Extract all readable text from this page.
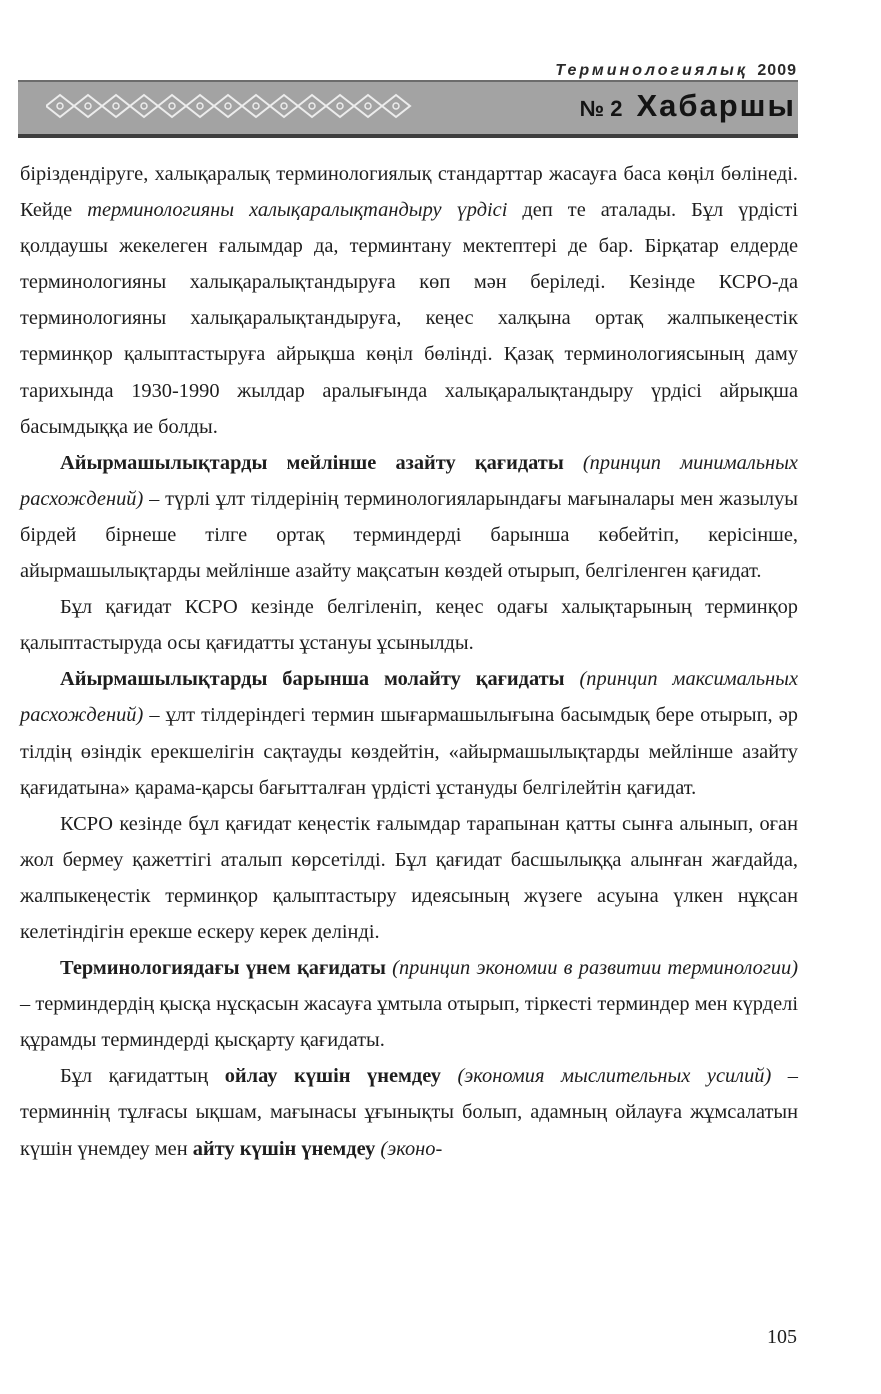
Терминологиялық 2009
№ 2 Хабаршы

біріздендіруге, халықаралық терминологиялық стандарттар жасауға баса көңіл бөлінеді. Кейде терминологияны халықаралықтандыру үрдісі деп те аталады. Бұл үрдісті қолдаушы жекелеген ғалымдар да, терминтану мектептері де бар. Бірқатар елдерде терминологияны халықаралықтандыруға көп мән беріледі. Кезінде КСРО-да терминологияны халықаралықтандыруға, кеңес халқына ортақ жалпыкеңестік терминқор қалыптастыруға айрықша көңіл бөлінді. Қазақ терминологиясының даму тарихында 1930-1990 жылдар аралығында халықаралықтандыру үрдісі айрықша басымдыққа ие болды.

Айырмашылықтарды мейлінше азайту қағидаты (принцип минимальных расхождений) – түрлі ұлт тілдерінің терминологияларындағы мағыналары мен жазылуы бірдей бірнеше тілге ортақ терминдерді барынша көбейтіп, керісінше, айырмашылықтарды мейлінше азайту мақсатын көздей отырып, белгіленген қағидат.

Бұл қағидат КСРО кезінде белгіленіп, кеңес одағы халықтарының терминқор қалыптастыруда осы қағидатты ұстануы ұсынылды.

Айырмашылықтарды барынша молайту қағидаты (принцип максимальных расхождений) – ұлт тілдеріндегі термин шығармашылығына басымдық бере отырып, әр тілдің өзіндік ерекшелігін сақтауды көздейтін, «айырмашылықтарды мейлінше азайту қағидатына» қарама-қарсы бағытталған үрдісті ұстануды белгілейтін қағидат.

КСРО кезінде бұл қағидат кеңестік ғалымдар тарапынан қатты сынға алынып, оған жол бермеу қажеттігі аталып көрсетілді. Бұл қағидат басшылыққа алынған жағдайда, жалпыкеңестік терминқор қалыптастыру идеясының жүзеге асуына үлкен нұқсан келетіндігін ерекше ескеру керек делінді.

Терминологиядағы үнем қағидаты (принцип экономии в развитии терминологии) – терминдердің қысқа нұсқасын жасауға ұмтыла отырып, тіркесті терминдер мен күрделі құрамды терминдерді қысқарту қағидаты.

Бұл қағидаттың ойлау күшін үнемдеу (экономия мыслительных усилий) – терминнің тұлғасы ықшам, мағынасы ұғынықты болып, адамның ойлауға жұмсалатын күшін үнемдеу мен айту күшін үнемдеу (эконо-

105
